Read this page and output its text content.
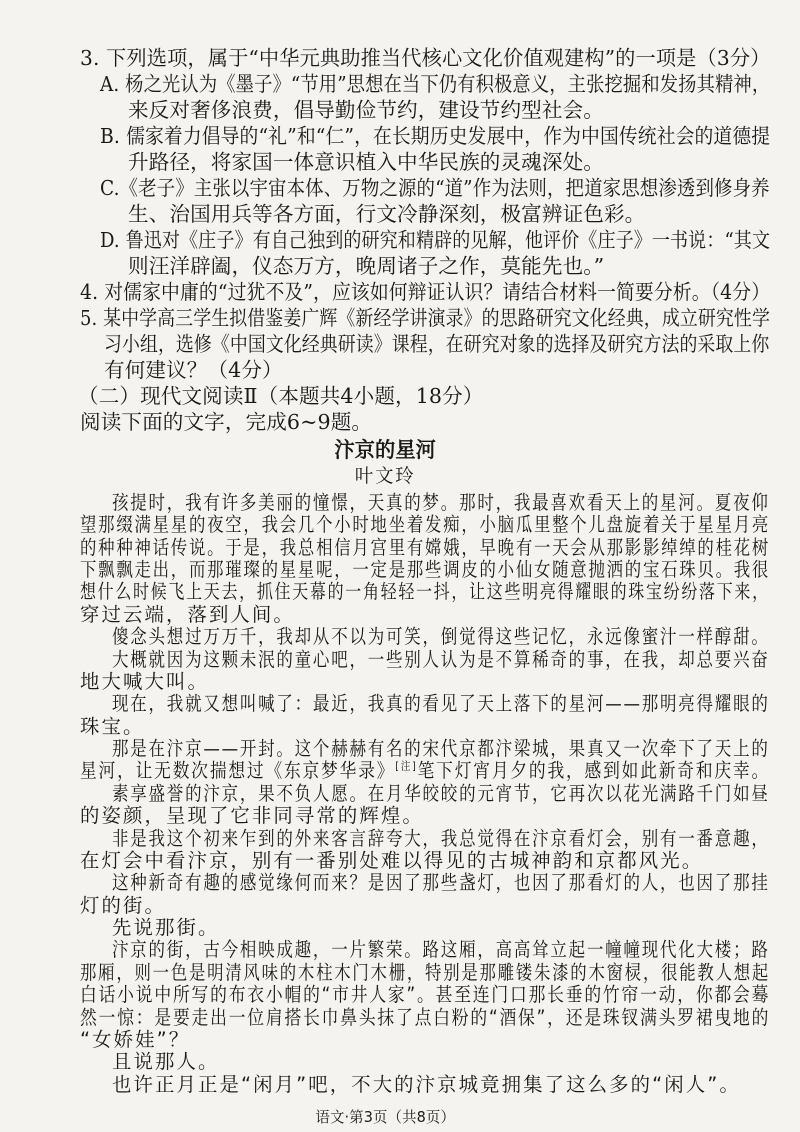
3. 下列选项，属于“中华元典助推当代核心文化价值观建构”的一项是（3分）
A. 杨之光认为《墨子》“节用”思想在当下仍有积极意义，主张挖掘和发扬其精神，
来反对奢侈浪费，倡导勤俭节约，建设节约型社会。
B. 儒家着力倡导的“礼”和“仁”，在长期历史发展中，作为中国传统社会的道德提
升路径，将家国一体意识植入中华民族的灵魂深处。
C.《老子》主张以宇宙本体、万物之源的“道”作为法则，把道家思想渗透到修身养
生、治国用兵等各方面，行文冷静深刻，极富辨证色彩。
D. 鲁迅对《庄子》有自己独到的研究和精辟的见解，他评价《庄子》一书说：“其文
则汪洋辟阖，仪态万方，晚周诸子之作，莫能先也。”
4. 对儒家中庸的“过犹不及”，应该如何辩证认识？请结合材料一简要分析。（4分）
5. 某中学高三学生拟借鉴姜广辉《新经学讲演录》的思路研究文化经典，成立研究性学
习小组，选修《中国文化经典研读》课程，在研究对象的选择及研究方法的采取上你
有何建议？（4分）
（二）现代文阅读Ⅱ（本题共4小题，18分）
阅读下面的文字，完成6~9题。
汴京的星河
叶文玲
孩提时，我有许多美丽的憧憬，天真的梦。那时，我最喜欢看天上的星河。夏夜仰
望那缀满星星的夜空，我会几个小时地坐着发痴，小脑瓜里整个儿盘旋着关于星星月亮
的种种神话传说。于是，我总相信月宫里有嫦娥，早晚有一天会从那影影绰绰的桂花树
下飘飘走出，而那璀璨的星星呢，一定是那些调皮的小仙女随意抛洒的宝石珠贝。我很
想什么时候飞上天去，抓住天幕的一角轻轻一抖，让这些明亮得耀眼的珠宝纷纷落下来，
穿过云端，落到人间。
傻念头想过万万千，我却从不以为可笑，倒觉得这些记忆，永远像蜜汁一样醇甜。
大概就因为这颗未泯的童心吧，一些别人认为是不算稀奇的事，在我，却总要兴奋
地大喊大叫。
现在，我就又想叫喊了：最近，我真的看见了天上落下的星河——那明亮得耀眼的
珠宝。
那是在汴京——开封。这个赫赫有名的宋代京都汴梁城，果真又一次牵下了天上的
星河，让无数次揣想过《东京梦华录》[注]笔下灯宵月夕的我，感到如此新奇和庆幸。
素享盛誉的汴京，果不负人愿。在月华皎皎的元宵节，它再次以花光满路千门如昼
的姿颜，呈现了它非同寻常的辉煌。
非是我这个初来乍到的外来客言辞夸大，我总觉得在汴京看灯会，别有一番意趣，
在灯会中看汴京，别有一番别处难以得见的古城神韵和京都风光。
这种新奇有趣的感觉缘何而来？是因了那些盏灯，也因了那看灯的人，也因了那挂
灯的街。
先说那街。
汴京的街，古今相映成趣，一片繁荣。路这厢，高高耸立起一幢幢现代化大楼；路
那厢，则一色是明清风味的木柱木门木栅，特别是那雕镂朱漆的木窗棂，很能教人想起
白话小说中所写的布衣小帽的“市井人家”。甚至连门口那长垂的竹帘一动，你都会蓦
然一惊：是要走出一位肩搭长巾鼻头抹了点白粉的“酒保”，还是珠钗满头罗裙曳地的
“女娇娃”？
语文·第3页（共8页）
且说那人。
也许正月正是“闲月”吧，不大的汴京城竟拥集了这么多的“闲人”。
